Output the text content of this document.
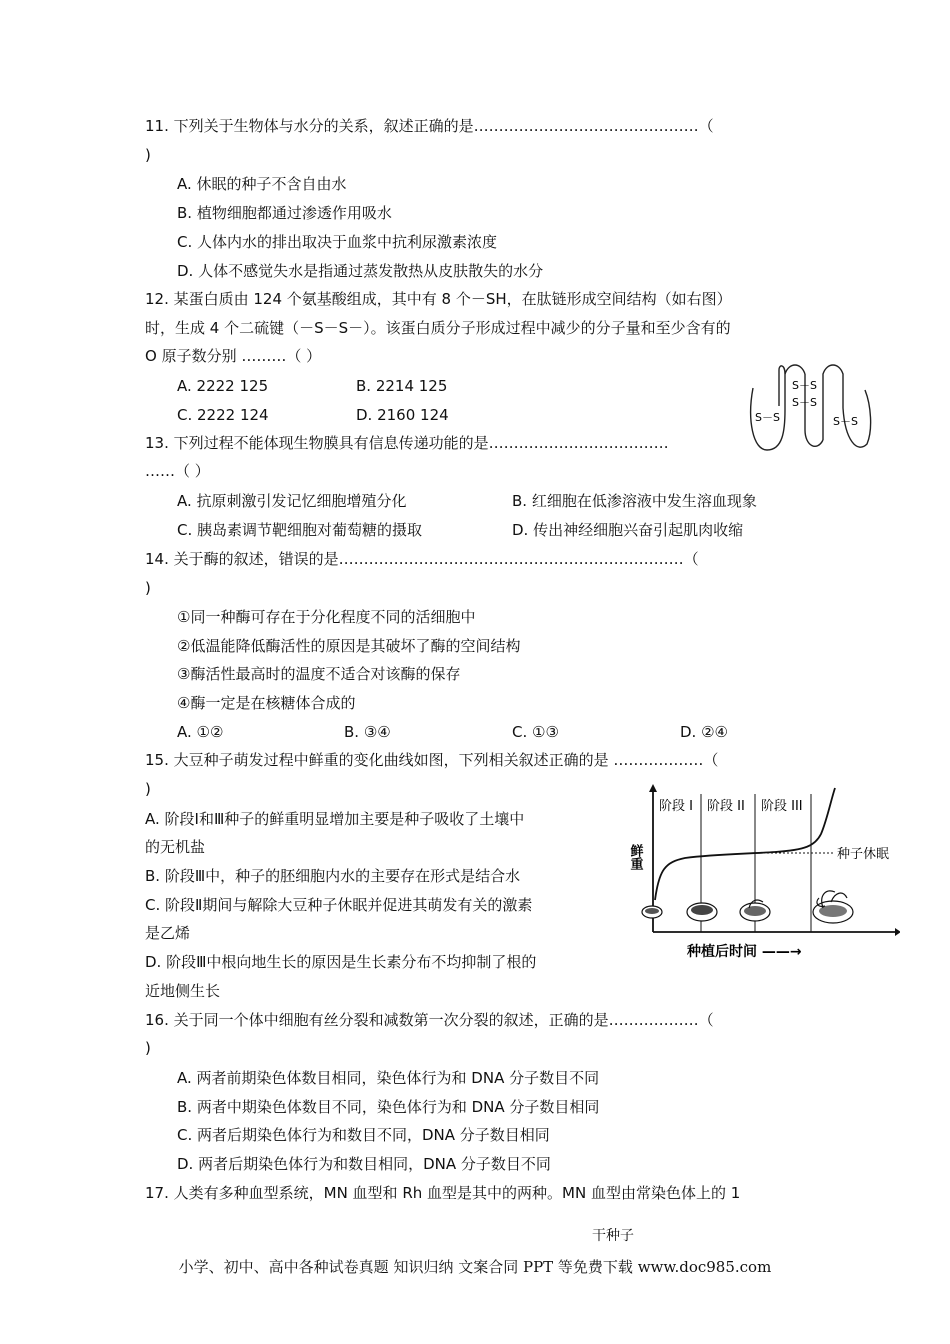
11. 下列关于生物体与水分的关系，叙述正确的是………………………………………（
)
A. 休眠的种子不含自由水
B. 植物细胞都通过渗透作用吸水
C. 人体内水的排出取决于血浆中抗利尿激素浓度
D. 人体不感觉失水是指通过蒸发散热从皮肤散失的水分
12. 某蛋白质由 124 个氨基酸组成，其中有 8 个－SH，在肽链形成空间结构（如右图）
时，生成 4 个二硫键（－S－S－）。该蛋白质分子形成过程中减少的分子量和至少含有的
O 原子数分别 ………（ ）
A. 2222 125	B. 2214 125
C. 2222 124	D. 2160 124
S－S
S－S
S－S	S－S
13. 下列过程不能体现生物膜具有信息传递功能的是………………………………
……（ ）
A. 抗原刺激引发记忆细胞增殖分化	B. 红细胞在低渗溶液中发生溶血现象
C. 胰岛素调节靶细胞对葡萄糖的摄取	D. 传出神经细胞兴奋引起肌肉收缩
14. 关于酶的叙述，错误的是……………………………………………………………（
)
①同一种酶可存在于分化程度不同的活细胞中
②低温能降低酶活性的原因是其破坏了酶的空间结构
③酶活性最高时的温度不适合对该酶的保存
④酶一定是在核糖体合成的
A. ①②	B. ③④	C. ①③	D. ②④
15. 大豆种子萌发过程中鲜重的变化曲线如图，下列相关叙述正确的是 ………………（
)
A. 阶段Ⅰ和Ⅲ种子的鲜重明显增加主要是种子吸收了土壤中
的无机盐
B. 阶段Ⅲ中，种子的胚细胞内水的主要存在形式是结合水
C. 阶段Ⅱ期间与解除大豆种子休眠并促进其萌发有关的激素
是乙烯
D. 阶段Ⅲ中根向地生长的原因是生长素分布不均抑制了根的
近地侧生长
阶段 I 阶段 II 阶段 III
鲜重	种子休眠
种植后时间 ——→
16. 关于同一个体中细胞有丝分裂和减数第一次分裂的叙述，正确的是………………（
)
A. 两者前期染色体数目相同，染色体行为和 DNA 分子数目不同
B. 两者中期染色体数目不同，染色体行为和 DNA 分子数目相同
C. 两者后期染色体行为和数目不同，DNA 分子数目相同
D. 两者后期染色体行为和数目相同，DNA 分子数目不同
17. 人类有多种血型系统，MN 血型和 Rh 血型是其中的两种。MN 血型由常染色体上的 1
干种子
小学、初中、高中各种试卷真题 知识归纳 文案合同 PPT 等免费下载 www.doc985.com
